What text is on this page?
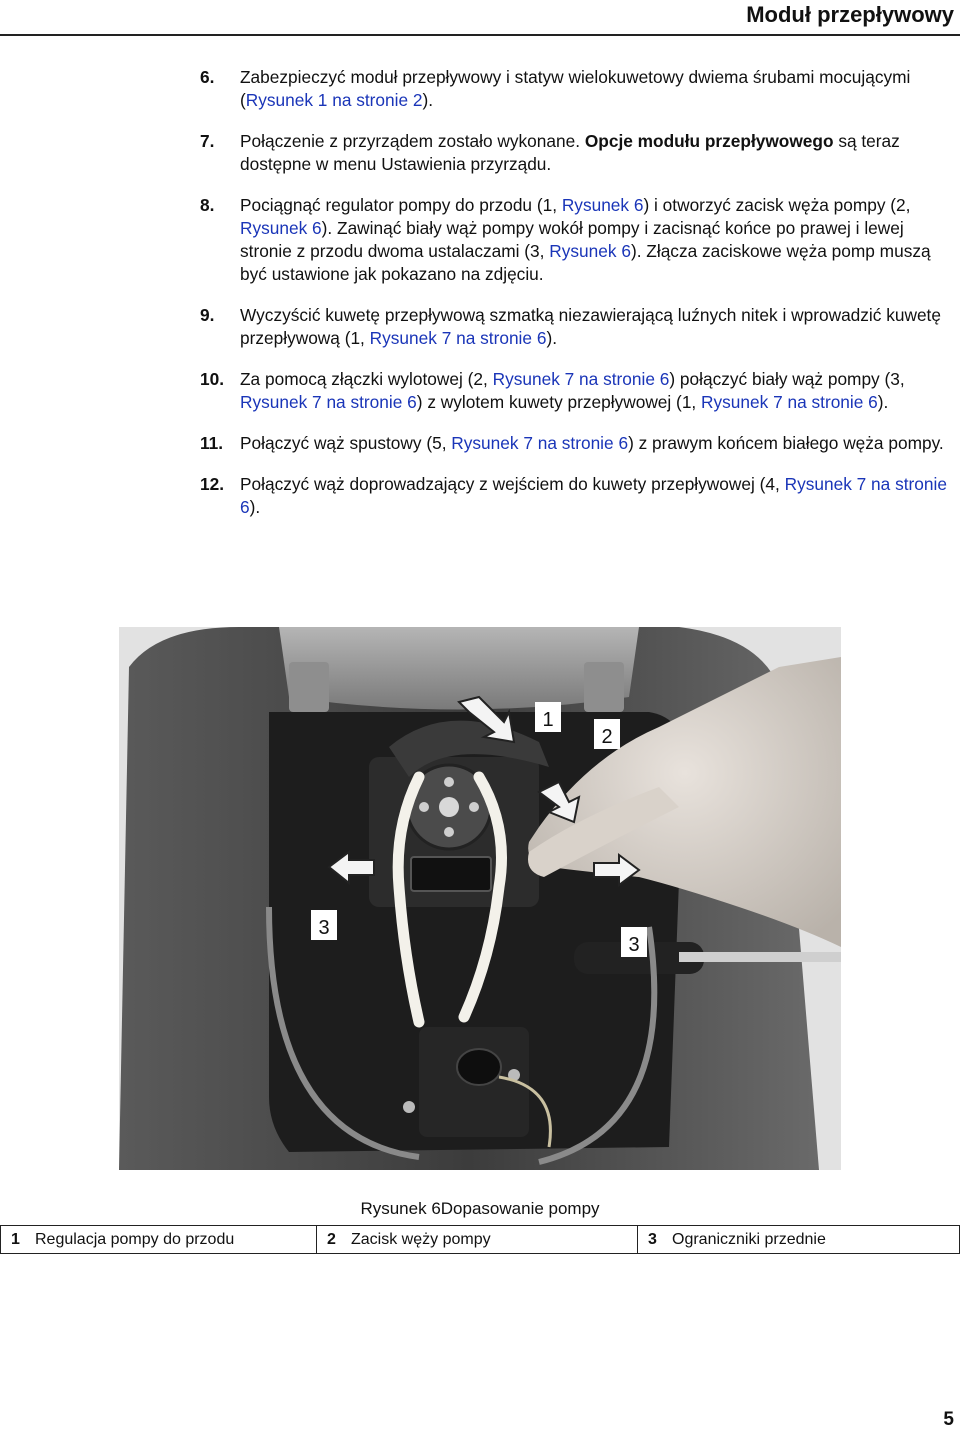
Moduł przepływowy
6.	Zabezpieczyć moduł przepływowy i statyw wielokuwetowy dwiema śrubami mocującymi (Rysunek 1 na stronie 2).
7.	Połączenie z przyrządem zostało wykonane. Opcje modułu przepływowego są teraz dostępne w menu Ustawienia przyrządu.
8.	Pociągnąć regulator pompy do przodu (1, Rysunek 6) i otworzyć zacisk węża pompy (2, Rysunek 6). Zawinąć biały wąż pompy wokół pompy i zacisnąć końce po prawej i lewej stronie z przodu dwoma ustalaczami (3, Rysunek 6). Złącza zaciskowe węża pomp muszą być ustawione jak pokazano na zdjęciu.
9.	Wyczyścić kuwetę przepływową szmatką niezawierającą luźnych nitek i wprowadzić kuwetę przepływową (1, Rysunek 7 na stronie 6).
10. Za pomocą złączki wylotowej (2, Rysunek 7 na stronie 6) połączyć biały wąż pompy (3, Rysunek 7 na stronie 6) z wylotem kuwety przepływowej (1, Rysunek 7 na stronie 6).
11. Połączyć wąż spustowy (5, Rysunek 7 na stronie 6) z prawym końcem białego węża pompy.
12. Połączyć wąż doprowadzający z wejściem do kuwety przepływowej (4, Rysunek 7 na stronie 6).
1
2
3
3
Rysunek 6Dopasowanie pompy
1 Regulacja pompy do przodu	2 Zacisk węży pompy	3 Ograniczniki przednie
5
